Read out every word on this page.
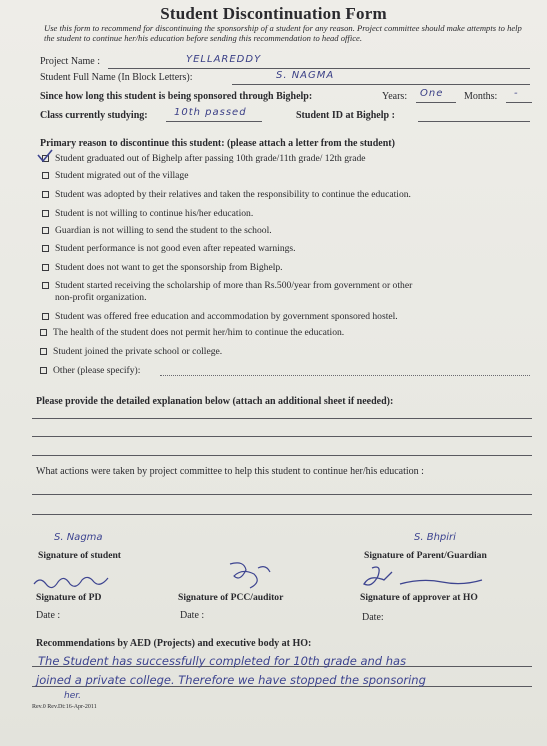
Student Discontinuation Form
Use this form to recommend for discontinuing the sponsorship of a student for any reason. Project committee should make attempts to help the student to continue her/his education before sending this recommendation to head office.
Project Name :	YELLAREDDY
Student Full Name (In Block Letters):	S. NAGMA
Since how long this student is being sponsored through Bighelp:	Years: One Months: -
Class currently studying:	10th passed	Student ID at Bighelp :
Primary reason to discontinue this student: (please attach a letter from the student)
Student graduated out of Bighelp after passing 10th grade/11th grade/ 12th grade
Student migrated out of the village
Student was adopted by their relatives and taken the responsibility to continue the education.
Student is not willing to continue his/her education.
Guardian is not willing to send the student to the school.
Student performance is not good even after repeated warnings.
Student does not want to get the sponsorship from Bighelp.
Student started receiving the scholarship of more than Rs.500/year from government or other
non-profit organization.
Student was offered free education and accommodation by government sponsored hostel.
The health of the student does not permit her/him to continue the education.
Student joined the private school or college.
Other (please specify):
Please provide the detailed explanation below (attach an additional sheet if needed):
What actions were taken by project committee to help this student to continue her/his education :
S. Nagma
Signature of student
S. Bhpiri
Signature of Parent/Guardian
Signature of PD	Signature of PCC/auditor	Signature of approver at HO
Date :	Date :	Date:
Recommendations by AED (Projects) and executive body at HO:
The Student has successfully completed for 10th grade and has
joined a private college. Therefore we have stopped the sponsoring
her.
Rev.0 Rev.Dt:16-Apr-2011
